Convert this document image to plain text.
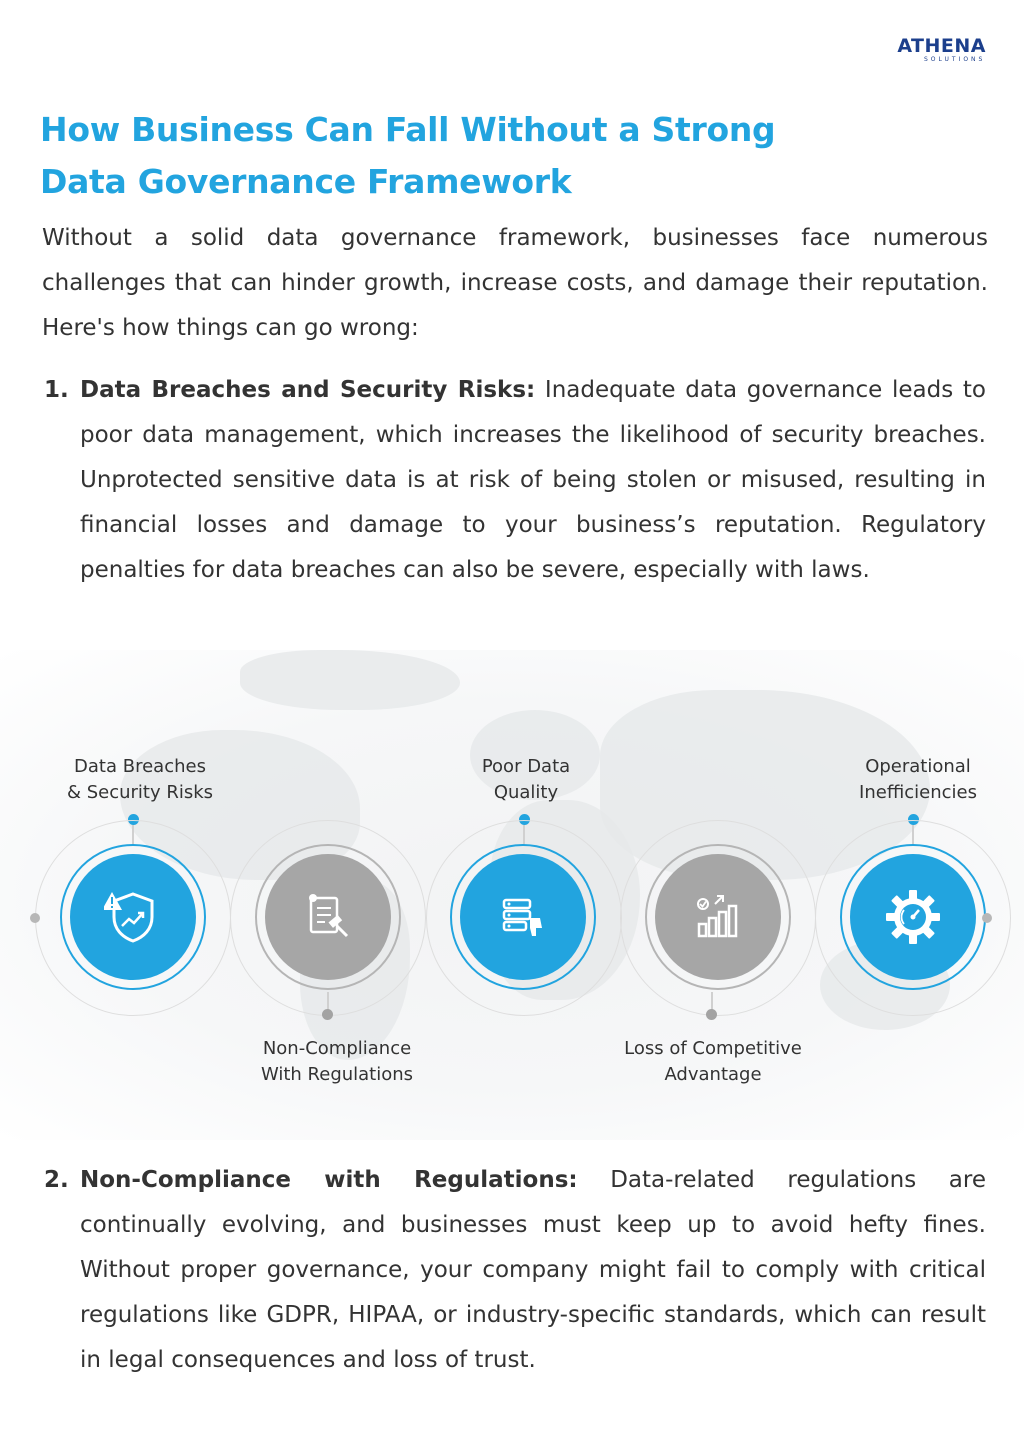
ATHENA
SOLUTIONS
How Business Can Fall Without a Strong
Data Governance Framework

Without a solid data governance framework, businesses face numerous challenges that can hinder growth, increase costs, and damage their reputation. Here's how things can go wrong:

1. Data Breaches and Security Risks: Inadequate data governance leads to poor data management, which increases the likelihood of security breaches. Unprotected sensitive data is at risk of being stolen or misused, resulting in financial losses and damage to your business’s reputation. Regulatory penalties for data breaches can also be severe, especially with laws.
Data Breaches
& Security Risks
Non-Compliance
With Regulations
Poor Data
Quality
Loss of Competitive
Advantage
Operational
Inefficiencies
2. Non-Compliance with Regulations: Data-related regulations are continually evolving, and businesses must keep up to avoid hefty fines. Without proper governance, your company might fail to comply with critical regulations like GDPR, HIPAA, or industry-specific standards, which can result in legal consequences and loss of trust.
